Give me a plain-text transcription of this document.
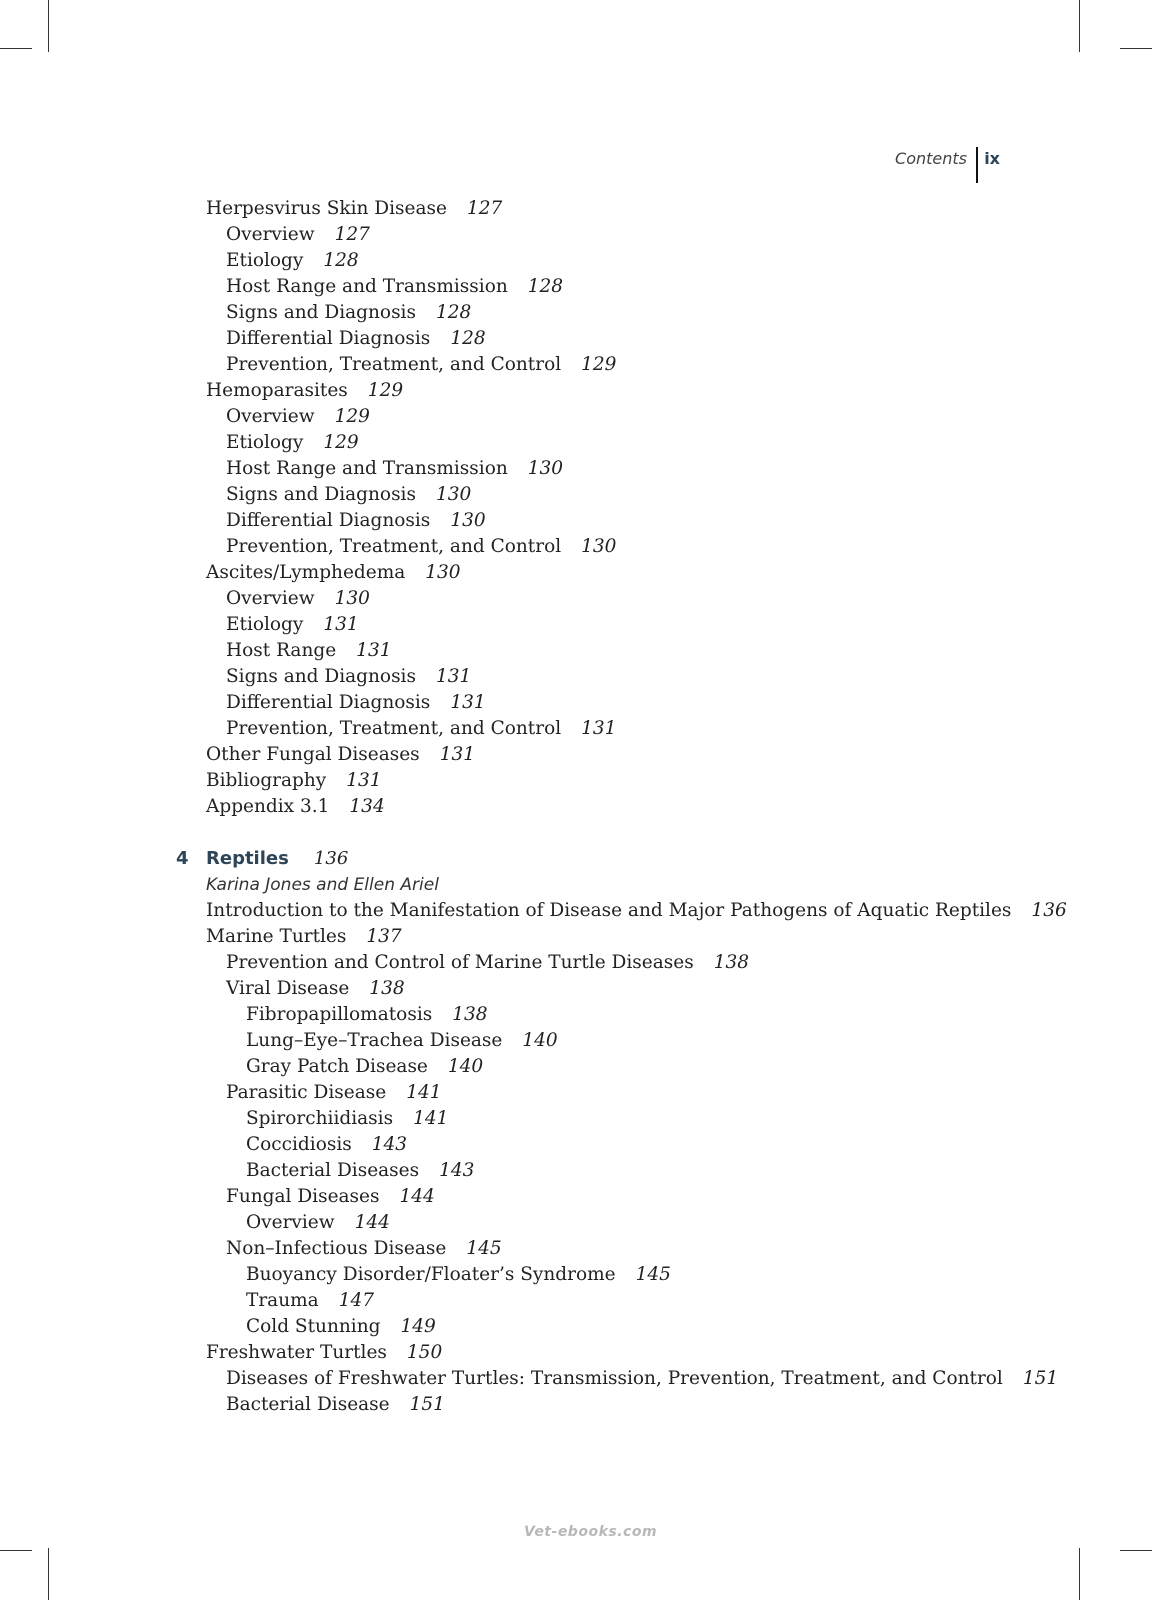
Contents ix
Herpesvirus Skin Disease 127
Overview 127
Etiology 128
Host Range and Transmission 128
Signs and Diagnosis 128
Differential Diagnosis 128
Prevention, Treatment, and Control 129
Hemoparasites 129
Overview 129
Etiology 129
Host Range and Transmission 130
Signs and Diagnosis 130
Differential Diagnosis 130
Prevention, Treatment, and Control 130
Ascites/Lymphedema 130
Overview 130
Etiology 131
Host Range 131
Signs and Diagnosis 131
Differential Diagnosis 131
Prevention, Treatment, and Control 131
Other Fungal Diseases 131
Bibliography 131
Appendix 3.1 134
4 Reptiles 136
Karina Jones and Ellen Ariel
Introduction to the Manifestation of Disease and Major Pathogens of Aquatic Reptiles 136
Marine Turtles 137
Prevention and Control of Marine Turtle Diseases 138
Viral Disease 138
Fibropapillomatosis 138
Lung–Eye–Trachea Disease 140
Gray Patch Disease 140
Parasitic Disease 141
Spirorchiidiasis 141
Coccidiosis 143
Bacterial Diseases 143
Fungal Diseases 144
Overview 144
Non–Infectious Disease 145
Buoyancy Disorder/Floater’s Syndrome 145
Trauma 147
Cold Stunning 149
Freshwater Turtles 150
Diseases of Freshwater Turtles: Transmission, Prevention, Treatment, and Control 151
Bacterial Disease 151
Vet-ebooks.com
